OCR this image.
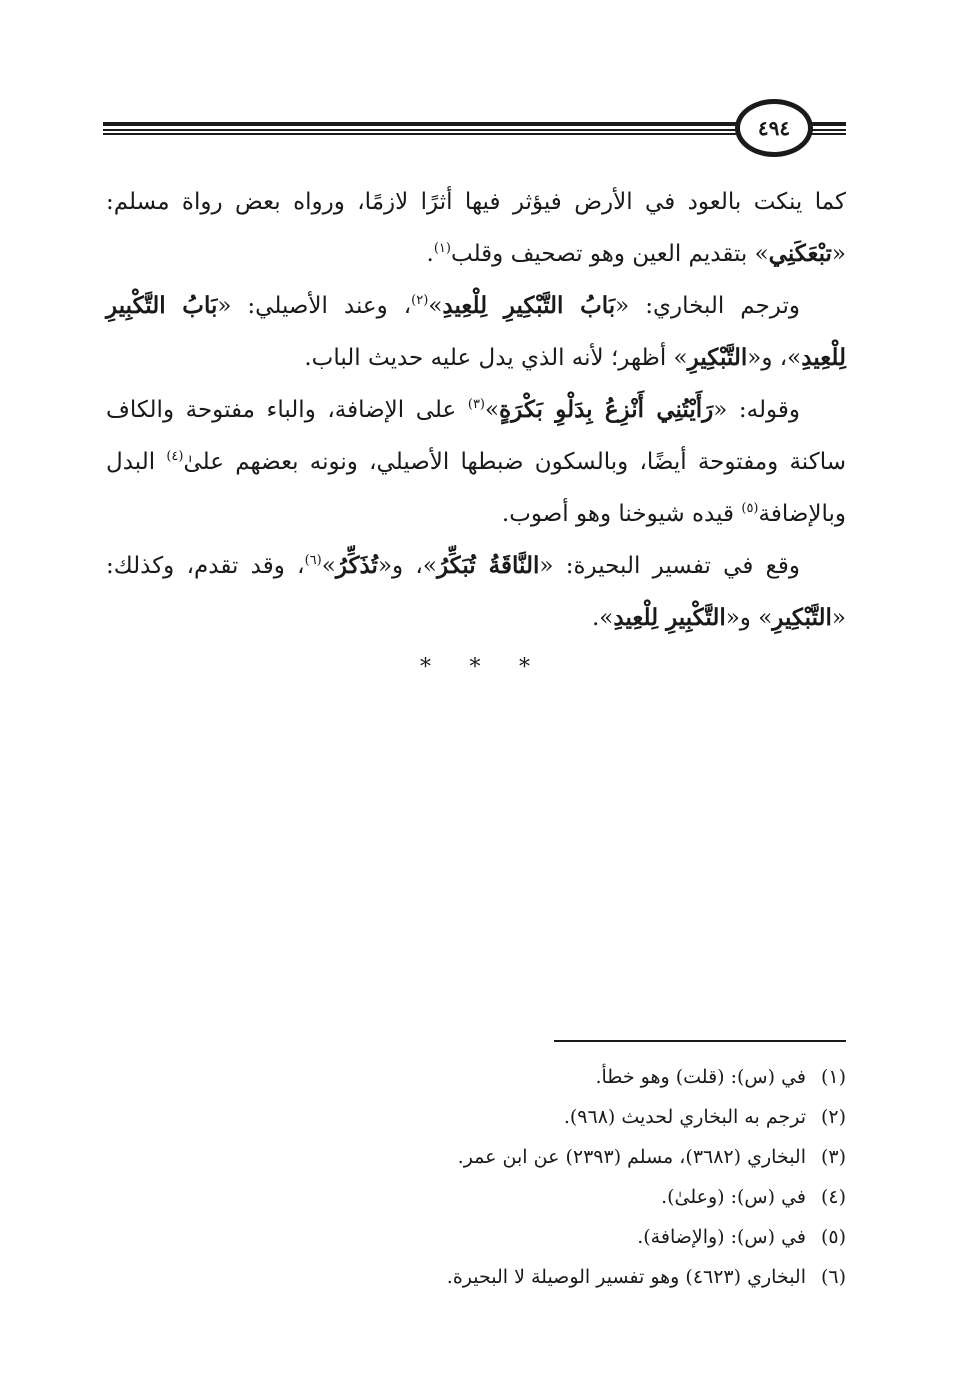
٤٩٤

كما ينكت بالعود في الأرض فيؤثر فيها أثرًا لازمًا، ورواه بعض رواة مسلم: «تبْعَكَنِي» بتقديم العين وهو تصحيف وقلب$^{(١)}$.

وترجم البخاري: «بَابُ التَّبْكِيرِ لِلْعِيدِ»$^{(٢)}$، وعند الأصيلي: «بَابُ التَّكْبِيرِ لِلْعِيدِ»، و«التَّبْكِيرِ» أظهر؛ لأنه الذي يدل عليه حديث الباب.

وقوله: «رَأَيْتُنِي أَنْزِعُ بِدَلْوِ بَكْرَةٍ»$^{(٣)}$ على الإضافة، والباء مفتوحة والكاف ساكنة ومفتوحة أيضًا، وبالسكون ضبطها الأصيلي، ونونه بعضهم علىٰ$^{(٤)}$ البدل وبالإضافة$^{(٥)}$ قيده شيوخنا وهو أصوب.

وقع في تفسير البحيرة: «النَّاقَةُ تُبَكِّرُ»، و«تُذَكِّرُ»$^{(٦)}$، وقد تقدم، وكذلك: «التَّبْكِيرِ» و«التَّكْبِيرِ لِلْعِيدِ».

*
*
*
(١)
في (س): (قلت) وهو خطأ.
(٢)
ترجم به البخاري لحديث (٩٦٨).
(٣)
البخاري (٣٦٨٢)، مسلم (٢٣٩٣) عن ابن عمر.
(٤)
في (س): (وعلىٰ).
(٥)
في (س): (والإضافة).
(٦)
البخاري (٤٦٢٣) وهو تفسير الوصيلة لا البحيرة.
